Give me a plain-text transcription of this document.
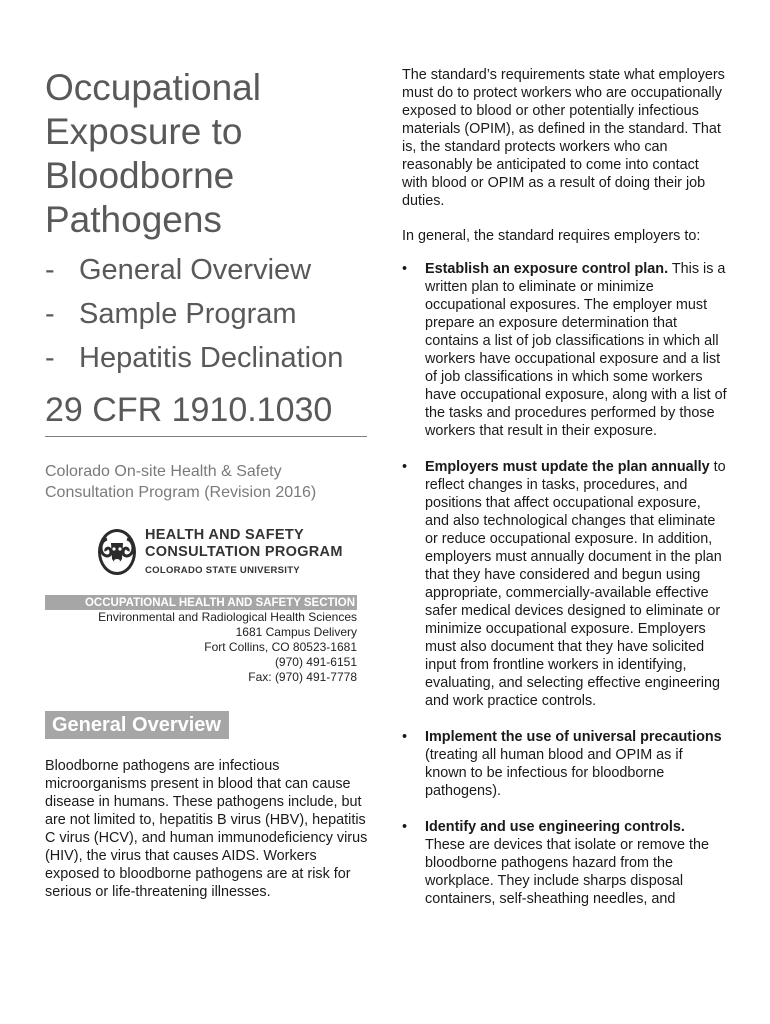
Occupational
Exposure to
Bloodborne
Pathogens
- General Overview
- Sample Program
- Hepatitis Declination
29 CFR 1910.1030
Colorado On-site Health & Safety
Consultation Program (Revision 2016)
HEALTH AND SAFETY
CONSULTATION PROGRAM
COLORADO STATE UNIVERSITY
OCCUPATIONAL HEALTH AND SAFETY SECTION
Environmental and Radiological Health Sciences
1681 Campus Delivery
Fort Collins, CO 80523-1681
(970) 491-6151
Fax: (970) 491-7778
General Overview

Bloodborne pathogens are infectious microorganisms present in blood that can cause disease in humans. These pathogens include, but are not limited to, hepatitis B virus (HBV), hepatitis C virus (HCV), and human immunodeficiency virus (HIV), the virus that causes AIDS. Workers exposed to bloodborne pathogens are at risk for serious or life-threatening illnesses.

The standard’s requirements state what employers must do to protect workers who are occupationally exposed to blood or other potentially infectious materials (OPIM), as defined in the standard. That is, the standard protects workers who can reasonably be anticipated to come into contact with blood or OPIM as a result of doing their job duties.

In general, the standard requires employers to:

•	Establish an exposure control plan. This is a written plan to eliminate or minimize occupational exposures. The employer must prepare an exposure determination that contains a list of job classifications in which all workers have occupational exposure and a list of job classifications in which some workers have occupational exposure, along with a list of the tasks and procedures performed by those workers that result in their exposure.
•	Employers must update the plan annually to reflect changes in tasks, procedures, and positions that affect occupational exposure, and also technological changes that eliminate or reduce occupational exposure. In addition, employers must annually document in the plan that they have considered and begun using appropriate, commercially-available effective safer medical devices designed to eliminate or minimize occupational exposure. Employers must also document that they have solicited input from frontline workers in identifying, evaluating, and selecting effective engineering and work practice controls.
•	Implement the use of universal precautions (treating all human blood and OPIM as if known to be infectious for bloodborne pathogens).
•	Identify and use engineering controls. These are devices that isolate or remove the bloodborne pathogens hazard from the workplace. They include sharps disposal containers, self-sheathing needles, and
